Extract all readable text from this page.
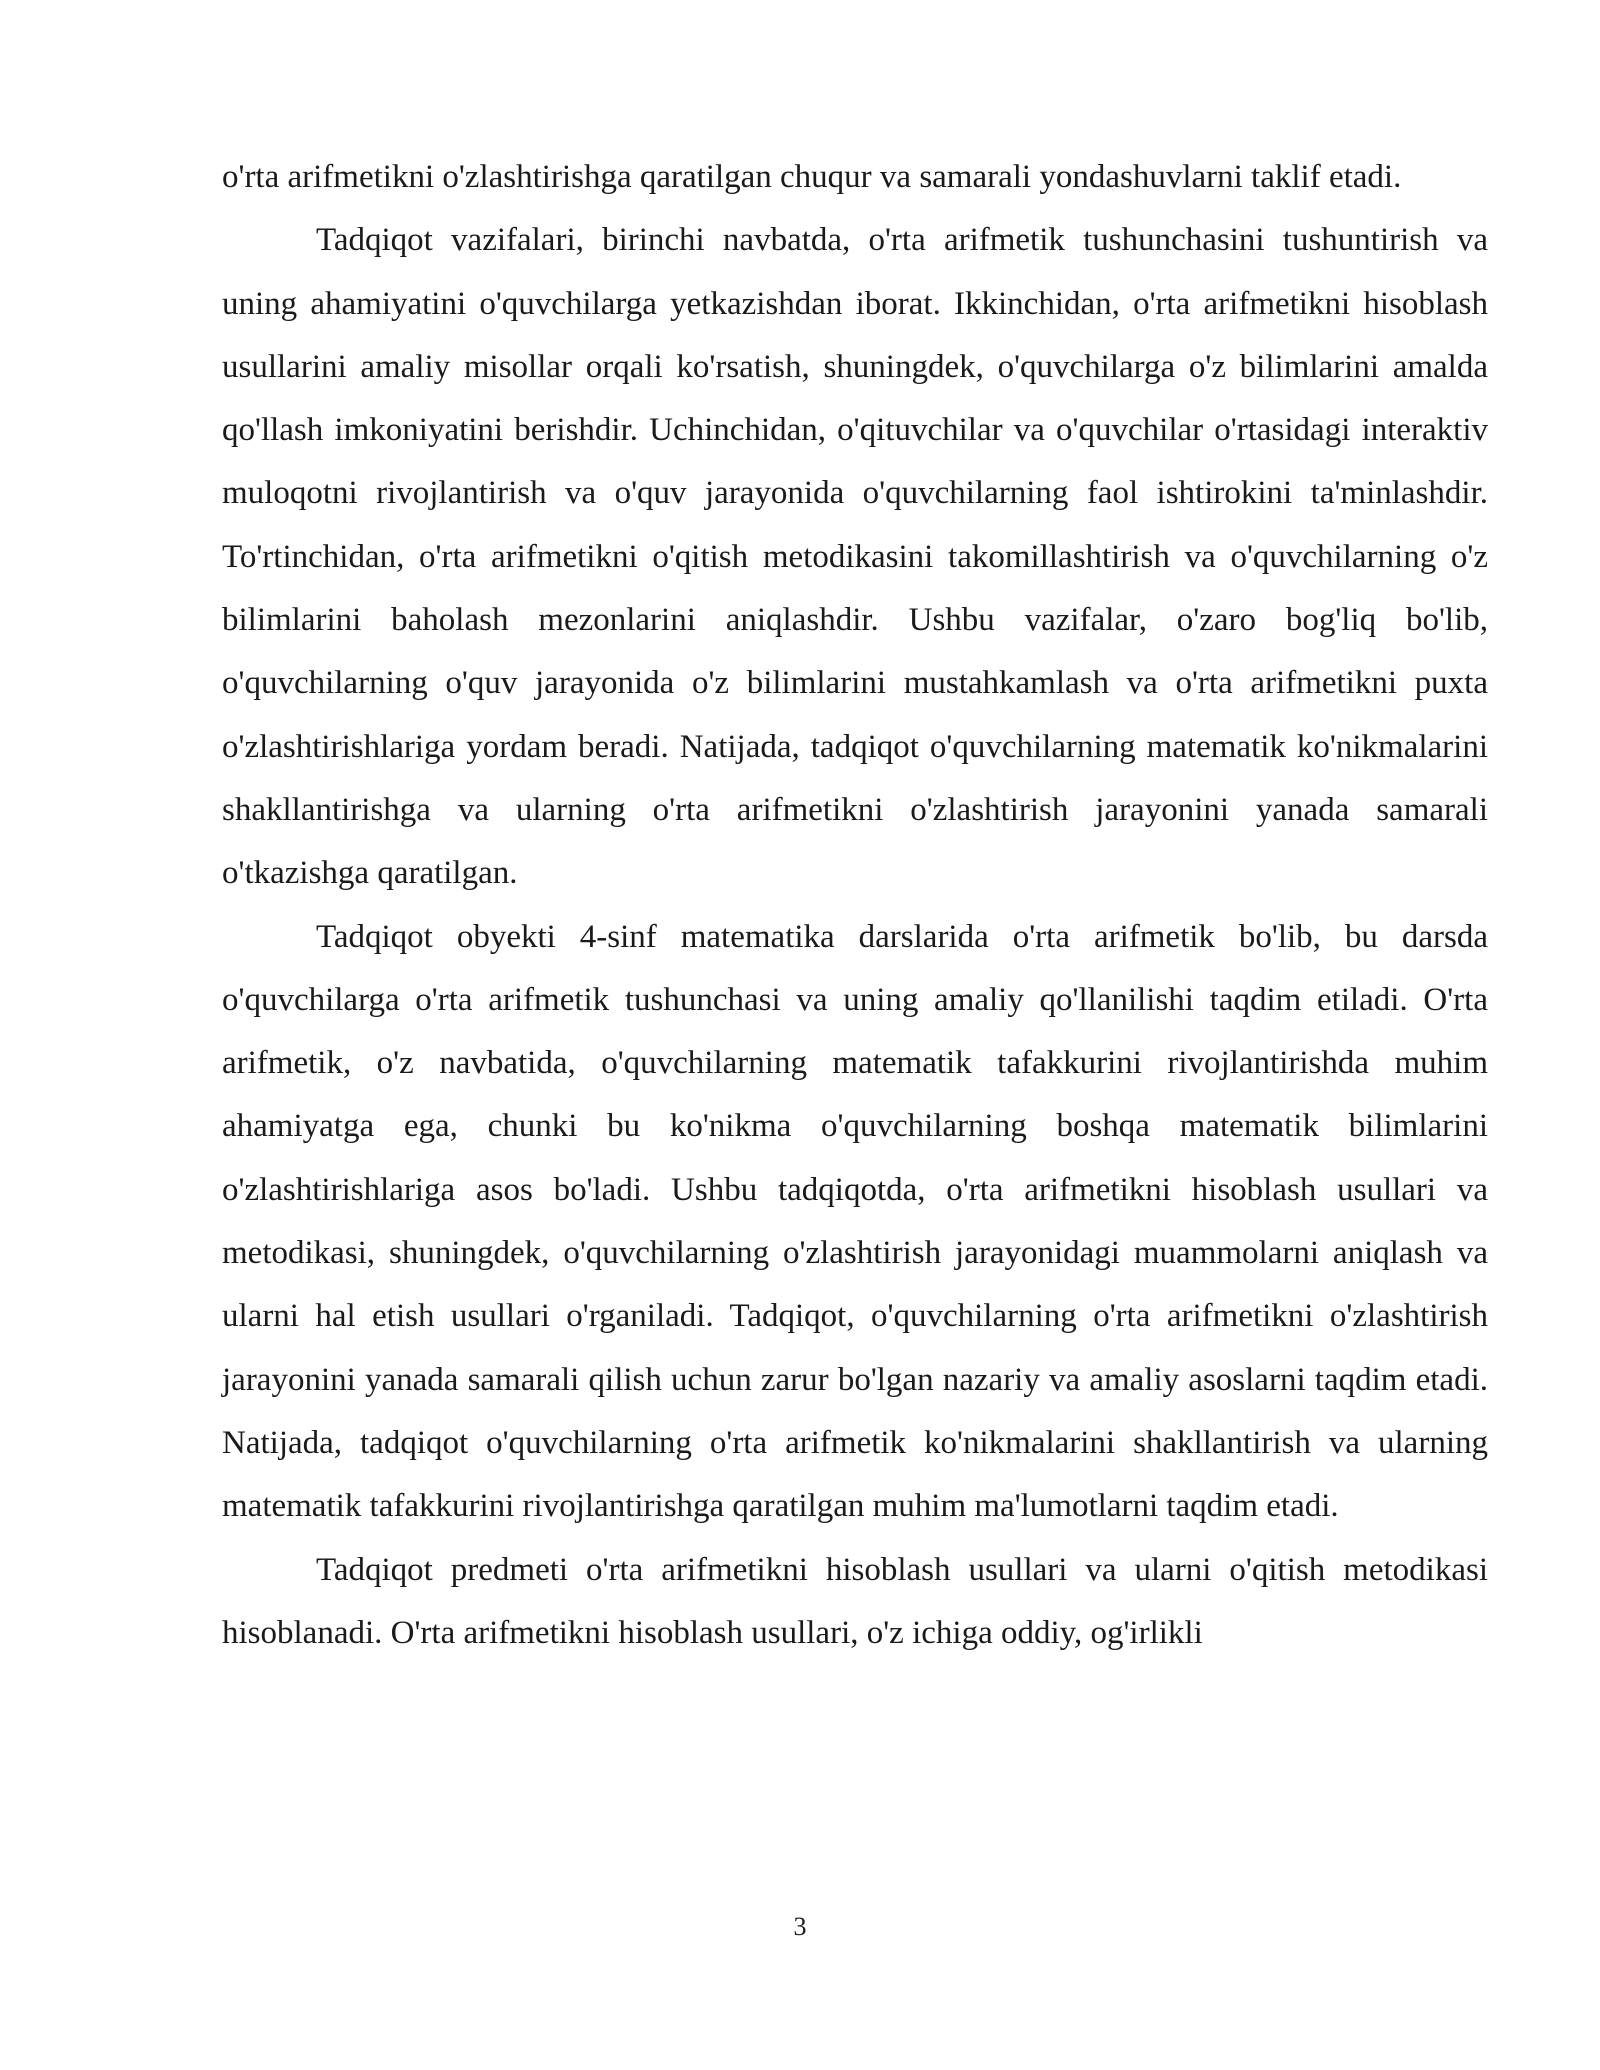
o'rta arifmetikni o'zlashtirishga qaratilgan chuqur va samarali yondashuvlarni taklif etadi.

Tadqiqot vazifalari, birinchi navbatda, o'rta arifmetik tushunchasini tushuntirish va uning ahamiyatini o'quvchilarga yetkazishdan iborat. Ikkinchidan, o'rta arifmetikni hisoblash usullarini amaliy misollar orqali ko'rsatish, shuningdek, o'quvchilarga o'z bilimlarini amalda qo'llash imkoniyatini berishdir. Uchinchidan, o'qituvchilar va o'quvchilar o'rtasidagi interaktiv muloqotni rivojlantirish va o'quv jarayonida o'quvchilarning faol ishtirokini ta'minlashdir. To'rtinchidan, o'rta arifmetikni o'qitish metodikasini takomillashtirish va o'quvchilarning o'z bilimlarini baholash mezonlarini aniqlashdir. Ushbu vazifalar, o'zaro bog'liq bo'lib, o'quvchilarning o'quv jarayonida o'z bilimlarini mustahkamlash va o'rta arifmetikni puxta o'zlashtirishlariga yordam beradi. Natijada, tadqiqot o'quvchilarning matematik ko'nikmalarini shakllantirishga va ularning o'rta arifmetikni o'zlashtirish jarayonini yanada samarali o'tkazishga qaratilgan.

Tadqiqot obyekti 4-sinf matematika darslarida o'rta arifmetik bo'lib, bu darsda o'quvchilarga o'rta arifmetik tushunchasi va uning amaliy qo'llanilishi taqdim etiladi. O'rta arifmetik, o'z navbatida, o'quvchilarning matematik tafakkurini rivojlantirishda muhim ahamiyatga ega, chunki bu ko'nikma o'quvchilarning boshqa matematik bilimlarini o'zlashtirishlariga asos bo'ladi. Ushbu tadqiqotda, o'rta arifmetikni hisoblash usullari va metodikasi, shuningdek, o'quvchilarning o'zlashtirish jarayonidagi muammolarni aniqlash va ularni hal etish usullari o'rganiladi. Tadqiqot, o'quvchilarning o'rta arifmetikni o'zlashtirish jarayonini yanada samarali qilish uchun zarur bo'lgan nazariy va amaliy asoslarni taqdim etadi. Natijada, tadqiqot o'quvchilarning o'rta arifmetik ko'nikmalarini shakllantirish va ularning matematik tafakkurini rivojlantirishga qaratilgan muhim ma'lumotlarni taqdim etadi.

Tadqiqot predmeti o'rta arifmetikni hisoblash usullari va ularni o'qitish metodikasi hisoblanadi. O'rta arifmetikni hisoblash usullari, o'z ichiga oddiy, og'irlikli

3
